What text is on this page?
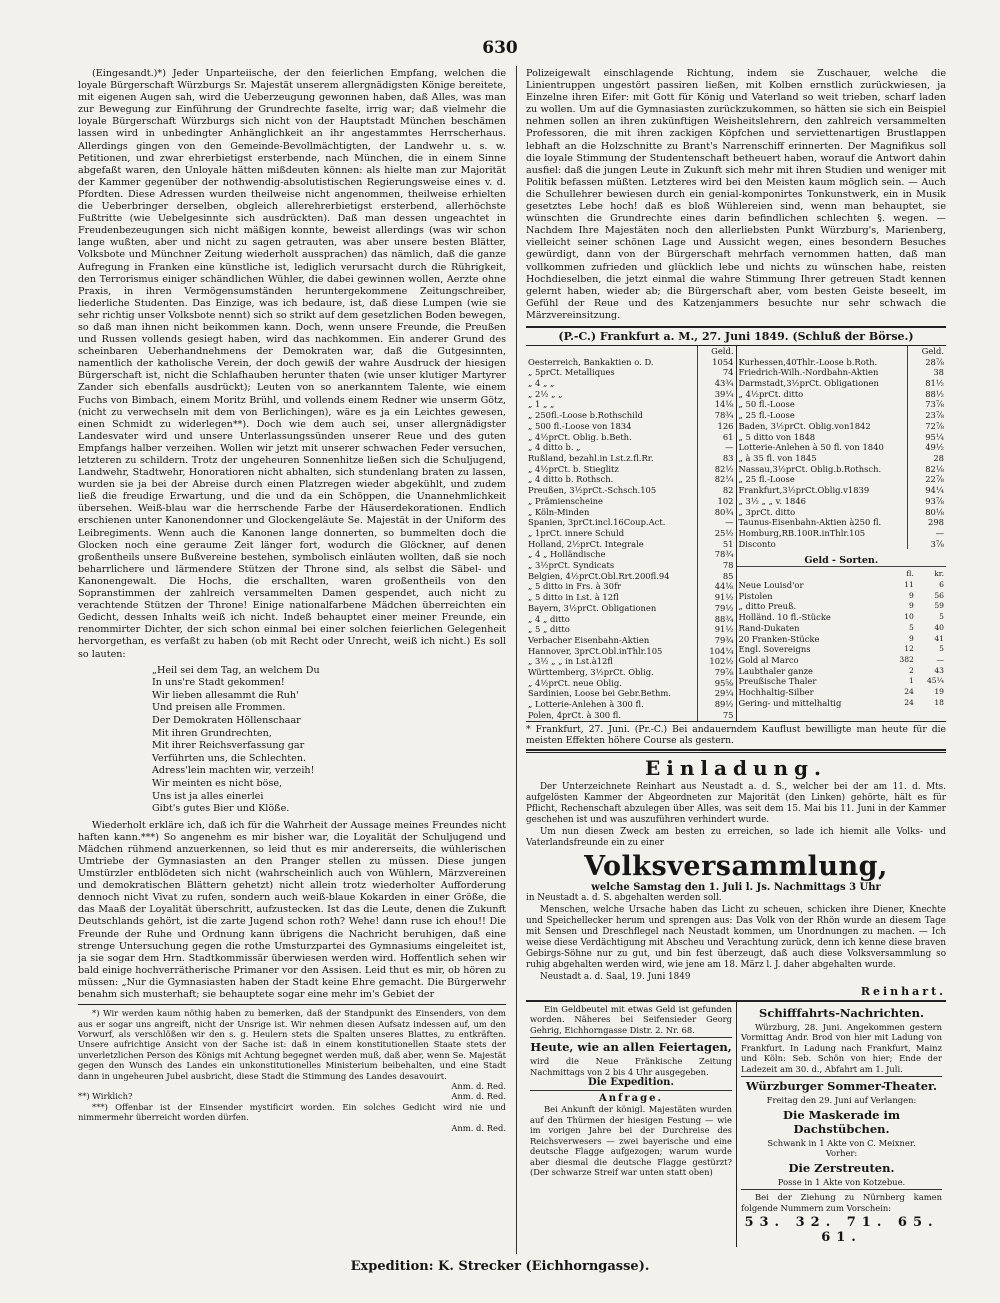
630

(Eingesandt.)*) Jeder Unparteiische, der den feierlichen Empfang, welchen die loyale Bürgerschaft Würzburgs Sr. Majestät unserem allergnädigsten Könige bereitete, mit eigenen Augen sah, wird die Ueberzeugung gewonnen haben, daß Alles, was man zur Bewegung zur Einführung der Grundrechte faselte, irrig war; daß vielmehr die loyale Bürgerschaft Würzburgs sich nicht von der Hauptstadt München beschämen lassen wird in unbedingter Anhänglichkeit an ihr angestammtes Herrscherhaus. Allerdings gingen von den Gemeinde-Bevollmächtigten, der Landwehr u. s. w. Petitionen, und zwar ehrerbietigst ersterbende, nach München, die in einem Sinne abgefaßt waren, den Unloyale hätten mißdeuten können: als hielte man zur Majorität der Kammer gegenüber der nothwendig-absolutistischen Regierungsweise eines v. d. Pfordten. Diese Adressen wurden theilweise nicht angenommen, theilweise erhielten die Ueberbringer derselben, obgleich allerehrerbietigst ersterbend, allerhöchste Fußtritte (wie Uebelgesinnte sich ausdrückten). Daß man dessen ungeachtet in Freudenbezeugungen sich nicht mäßigen konnte, beweist allerdings (was wir schon lange wußten, aber und nicht zu sagen getrauten, was aber unsere besten Blätter, Volksbote und Münchner Zeitung wiederholt aussprachen) das nämlich, daß die ganze Aufregung in Franken eine künstliche ist, lediglich verursacht durch die Rührigkeit, den Terrorismus einiger schändlichen Wühler, die dabei gewinnen wollen, Aerzte ohne Praxis, in ihren Vermögensumständen heruntergekommene Zeitungschreiber, liederliche Studenten. Das Einzige, was ich bedaure, ist, daß diese Lumpen (wie sie sehr richtig unser Volksbote nennt) sich so strikt auf dem gesetzlichen Boden bewegen, so daß man ihnen nicht beikommen kann. Doch, wenn unsere Freunde, die Preußen und Russen vollends gesiegt haben, wird das nachkommen. Ein anderer Grund des scheinbaren Ueberhandnehmens der Demokraten war, daß die Gutgesinnten, namentlich der katholische Verein, der doch gewiß der wahre Ausdruck der hiesigen Bürgerschaft ist, nicht die Schlafhauben herunter thaten (wie unser klutiger Martyrer Zander sich ebenfalls ausdrückt); Leuten von so anerkanntem Talente, wie einem Fuchs von Bimbach, einem Moritz Brühl, und vollends einem Redner wie unserm Götz, (nicht zu verwechseln mit dem von Berlichingen), wäre es ja ein Leichtes gewesen, einen Schmidt zu widerlegen**). Doch wie dem auch sei, unser allergnädigster Landesvater wird und unsere Unterlassungssünden unserer Reue und des guten Empfangs halber verzeihen. Wollen wir jetzt mit unserer schwachen Feder versuchen, letzteren zu schildern. Trotz der ungeheuren Sonnenhitze ließen sich die Schuljugend, Landwehr, Stadtwehr, Honoratioren nicht abhalten, sich stundenlang braten zu lassen, wurden sie ja bei der Abreise durch einen Platzregen wieder abgekühlt, und zudem ließ die freudige Erwartung, und die und da ein Schöppen, die Unannehmlichkeit übersehen. Weiß-blau war die herrschende Farbe der Häuserdekorationen. Endlich erschienen unter Kanonendonner und Glockengeläute Se. Majestät in der Uniform des Leibregiments. Wenn auch die Kanonen lange donnerten, so bummelten doch die Glocken noch eine geraume Zeit länger fort, wodurch die Glöckner, auf denen großentheils unsere Bußvereine bestehen, symbolisch einläuten wollten, daß sie noch beharrlichere und lärmendere Stützen der Throne sind, als selbst die Säbel- und Kanonengewalt. Die Hochs, die erschallten, waren großentheils von den Sopranstimmen der zahlreich versammelten Damen gespendet, auch nicht zu verachtende Stützen der Throne! Einige nationalfarbene Mädchen überreichten ein Gedicht, dessen Inhalts weiß ich nicht. Indeß behauptet einer meiner Freunde, ein renommirter Dichter, der sich schon einmal bei einer solchen feierlichen Gelegenheit hervorgethan, es verfaßt zu haben (ob mit Recht oder Unrecht, weiß ich nicht.) Es soll so lauten:

„Heil sei dem Tag, an welchem Du
In uns're Stadt gekommen!
Wir lieben allesammt die Ruh'
Und preisen alle Frommen.
Der Demokraten Höllenschaar
Mit ihren Grundrechten,
Mit ihrer Reichsverfassung gar
Verführten uns, die Schlechten.
Adress'lein machten wir, verzeih!
Wir meinten es nicht böse,
Uns ist ja alles einerlei
Gibt's gutes Bier und Klöße.

Wiederholt erkläre ich, daß ich für die Wahrheit der Aussage meines Freundes nicht haften kann.***) So angenehm es mir bisher war, die Loyalität der Schuljugend und Mädchen rühmend anzuerkennen, so leid thut es mir andererseits, die wühlerischen Umtriebe der Gymnasiasten an den Pranger stellen zu müssen. Diese jungen Umstürzler entblödeten sich nicht (wahrscheinlich auch von Wühlern, Märzvereinen und demokratischen Blättern gehetzt) nicht allein trotz wiederholter Aufforderung dennoch nicht Vivat zu rufen, sondern auch weiß-blaue Kokarden in einer Größe, die das Maaß der Loyalität überschritt, aufzustecken. Ist das die Leute, denen die Zukunft Deutschlands gehört, ist die zarte Jugend schon roth? Wehe! dann ruse ich ehou!! Die Freunde der Ruhe und Ordnung kann übrigens die Nachricht beruhigen, daß eine strenge Untersuchung gegen die rothe Umsturzpartei des Gymnasiums eingeleitet ist, ja sie sogar dem Hrn. Stadtkommissär überwiesen werden wird. Hoffentlich sehen wir bald einige hochverrätherische Primaner vor den Assisen. Leid thut es mir, ob hören zu müssen: „Nur die Gymnasiasten haben der Stadt keine Ehre gemacht. Die Bürgerwehr benahm sich musterhaft; sie behauptete sogar eine mehr im's Gebiet der

*) Wir werden kaum nöthig haben zu bemerken, daß der Standpunkt des Einsenders, von dem aus er sogar uns angreift, nicht der Unsrige ist. Wir nehmen diesen Aufsatz indessen auf, um den Vorwurf, als verschlößen wir den s. g. Heulern stets die Spalten unseres Blattes, zu entkräften. Unsere aufrichtige Ansicht von der Sache ist: daß in einem konstitutionellen Staate stets der unverletzlichen Person des Königs mit Achtung begegnet werden muß, daß aber, wenn Se. Majestät gegen den Wunsch des Landes ein unkonstitutionelles Ministerium beibehalten, und eine Stadt dann in ungeheuren Jubel ausbricht, diese Stadt die Stimmung des Landes desavouirt.

Anm. d. Red.
**) Wirklich?	Anm. d. Red.

***) Offenbar ist der Einsender mystificirt worden. Ein solches Gedicht wird nie und nimmermehr überreicht worden dürfen.

Anm. d. Red.

Polizeigewalt einschlagende Richtung, indem sie Zuschauer, welche die Linientruppen ungestört passiren ließen, mit Kolben ernstlich zurückwiesen, ja Einzelne ihren Eifer: mit Gott für König und Vaterland so weit trieben, scharf laden zu wollen. Um auf die Gymnasiasten zurückzukommen, so hätten sie sich ein Beispiel nehmen sollen an ihren zukünftigen Weisheitslehrern, den zahlreich versammelten Professoren, die mit ihren zackigen Köpfchen und serviettenartigen Brustlappen lebhaft an die Holzschnitte zu Brant's Narrenschiff erinnerten. Der Magnifikus soll die loyale Stimmung der Studentenschaft betheuert haben, worauf die Antwort dahin ausfiel: daß die jungen Leute in Zukunft sich mehr mit ihren Studien und weniger mit Politik befassen müßten. Letzteres wird bei den Meisten kaum möglich sein. — Auch die Schullehrer bewiesen durch ein genial-komponirtes Tonkunstwerk, ein in Musik gesetztes Lebe hoch! daß es bloß Wühlereien sind, wenn man behauptet, sie wünschten die Grundrechte eines darin befindlichen schlechten §. wegen. — Nachdem Ihre Majestäten noch den allerliebsten Punkt Würzburg's, Marienberg, vielleicht seiner schönen Lage und Aussicht wegen, eines besondern Besuches gewürdigt, dann von der Bürgerschaft mehrfach vernommen hatten, daß man vollkommen zufrieden und glücklich lebe und nichts zu wünschen habe, reisten Hochdieselben, die jetzt einmal die wahre Stimmung Ihrer getreuen Stadt kennen gelernt haben, wieder ab; die Bürgerschaft aber, vom besten Geiste beseelt, im Gefühl der Reue und des Katzenjammers besuchte nur sehr schwach die Märzvereinsitzung.

(P.-C.) Frankfurt a. M., 27. Juni 1849. (Schluß der Börse.)
	Geld.
Oesterreich, Bankaktien o. D.	1054
„ 5prCt. Metalliques	74
„ 4 „ „	43¾
„ 2½ „ „	39¼
„ 1 „ „	14⅛
„ 250fl.-Loose b.Rothschild	78¾
„ 500 fl.-Loose von 1834	126
„ 4½prCt. Oblig. b.Beth.	61
„ 4 ditto b. „	—
Rußland, bezahl.in Lst.z.fl.Rr.	83
„ 4½prCt. b. Stieglitz	82½
„ 4 ditto b. Rothsch.	82¼
Preußen, 3½prCt.-Schsch.105	82
„ Prämienscheine	102
„ Köln-Minden	80¾
Spanien, 3prCt.incl.16Coup.Act.	—
„ 1prCt. innere Schuld	25½
Holland, 2½prCt. Integrale	51
„ 4 „ Holländische	78¾
„ 3½prCt. Syndicats	78
Belgien, 4½prCt.Obl.Rrt.200fl.94	85
„ 5 ditto in Frs. à 30fr	44⅛
„ 5 ditto in Lst. à 12fl	91½
Bayern, 3½prCt. Obligationen	79½
„ 4 „ ditto	88¾
„ 5 „ ditto	91½
Verbacher Eisenbahn-Aktien	79¾
Hannover, 3prCt.Obl.inThlr.105	104¼
„ 3½ „ „ in Lst.à12fl	102½
Württemberg, 3½prCt. Oblig.	79⅞
„ 4½prCt. neue Oblig.	95⅝
Sardinien, Loose bei Gebr.Bethm.	29¼
„ Lotterie-Anlehen à 300 fl.	89½
Polen, 4prCt. à 300 fl.	75
	Geld.
Kurhessen,40Thlr.-Loose b.Roth.	28⅞
Friedrich-Wilh.-Nordbahn-Aktien	38
Darmstadt,3½prCt. Obligationen	81½
„ 4½prCt. ditto	88½
„ 50 fl.-Loose	73⅞
„ 25 fl.-Loose	23⅞
Baden, 3½prCt. Oblig.von1842	72⅞
„ 5 ditto von 1848	95¼
Lotterie-Anlehen à 50 fl. von 1840	49½
„ à 35 fl. von 1845	28
Nassau,3½prCt. Oblig.b.Rothsch.	82⅛
„ 25 fl.-Loose	22⅞
Frankfurt,3½prCt.Oblig.v1839	94¼
„ 3½ „ „ v. 1846	93⅞
„ 3prCt. ditto	80⅛
Taunus-Eisenbahn-Aktien à250 fl.	298
Homburg,RB.100R.inThlr.105	—
Disconto	3⅞
Geld - Sorten.
	fl.	kr.
Neue Louisd'or	11	6
Pistolen	9	56
„ ditto Preuß.	9	59
Holländ. 10 fl.-Stücke	10	5
Rand-Dukaten	5	40
20 Franken-Stücke	9	41
Engl. Sovereigns	12	5
Gold al Marco	382	—
Laubthaler ganze	2	43
Preußische Thaler	1	45¼
Hochhaltig-Silber	24	19
Gering- und mittelhaltig	24	18

* Frankfurt, 27. Juni. (Pr.-C.) Bei andauerndem Kauflust bewilligte man heute für die meisten Effekten höhere Course als gestern.

Einladung.

Der Unterzeichnete Reinhart aus Neustadt a. d. S., welcher bei der am 11. d. Mts. aufgelösten Kammer der Abgeordneten zur Majorität (den Linken) gehörte, hält es für Pflicht, Rechenschaft abzulegen über Alles, was seit dem 15. Mai bis 11. Juni in der Kammer geschehen ist und was auszuführen verhindert wurde.

Um nun diesen Zweck am besten zu erreichen, so lade ich hiemit alle Volks- und Vaterlandsfreunde ein zu einer

Volksversammlung,
welche Samstag den 1. Juli l. Js. Nachmittags 3 Uhr

in Neustadt a. d. S. abgehalten werden soll.

Menschen, welche Ursache haben das Licht zu scheuen, schicken ihre Diener, Knechte und Speichellecker herum und sprengen aus: Das Volk von der Rhön wurde an diesem Tage mit Sensen und Dreschflegel nach Neustadt kommen, um Unordnungen zu machen. — Ich weise diese Verdächtigung mit Abscheu und Verachtung zurück, denn ich kenne diese braven Gebirgs-Söhne nur zu gut, und bin fest überzeugt, daß auch diese Volksversammlung so ruhig abgehalten werden wird, wie jene am 18. März l. J. daher abgehalten wurde.

Neustadt a. d. Saal, 19. Juni 1849

Reinhart.

Ein Geldbeutel mit etwas Geld ist gefunden worden. Näheres bei Seifensieder Georg Gehrig, Eichhorngasse Distr. 2. Nr. 68.

Heute, wie an allen Feiertagen,

wird die Neue Fränkische Zeitung Nachmittags von 2 bis 4 Uhr ausgegeben.

Die Expedition.
Anfrage.

Bei Ankunft der königl. Majestäten wurden auf den Thürmen der hiesigen Festung — wie im vorigen Jahre bei der Durchreise des Reichsverwesers — zwei bayerische und eine deutsche Flagge aufgezogen; warum wurde aber diesmal die deutsche Flagge gestürzt? (Der schwarze Streif war unten statt oben)

Schifffahrts-Nachrichten.

Würzburg, 28. Juni. Angekommen gestern Vormittag Andr. Brod von hier mit Ladung von Frankfurt. In Ladung nach Frankfurt, Mainz und Köln: Seb. Schön von hier; Ende der Ladezeit am 30. d., Abfahrt am 1. Juli.

Würzburger Sommer-Theater.

Freitag den 29. Juni auf Verlangen:

Die Maskerade im Dachstübchen.

Schwank in 1 Akte von C. Meixner.

Vorher:

Die Zerstreuten.

Posse in 1 Akte von Kotzebue.

Bei der Ziehung zu Nürnberg kamen folgende Nummern zum Vorschein:

53. 32. 71. 65. 61.
Expedition: K. Strecker (Eichhorngasse).
